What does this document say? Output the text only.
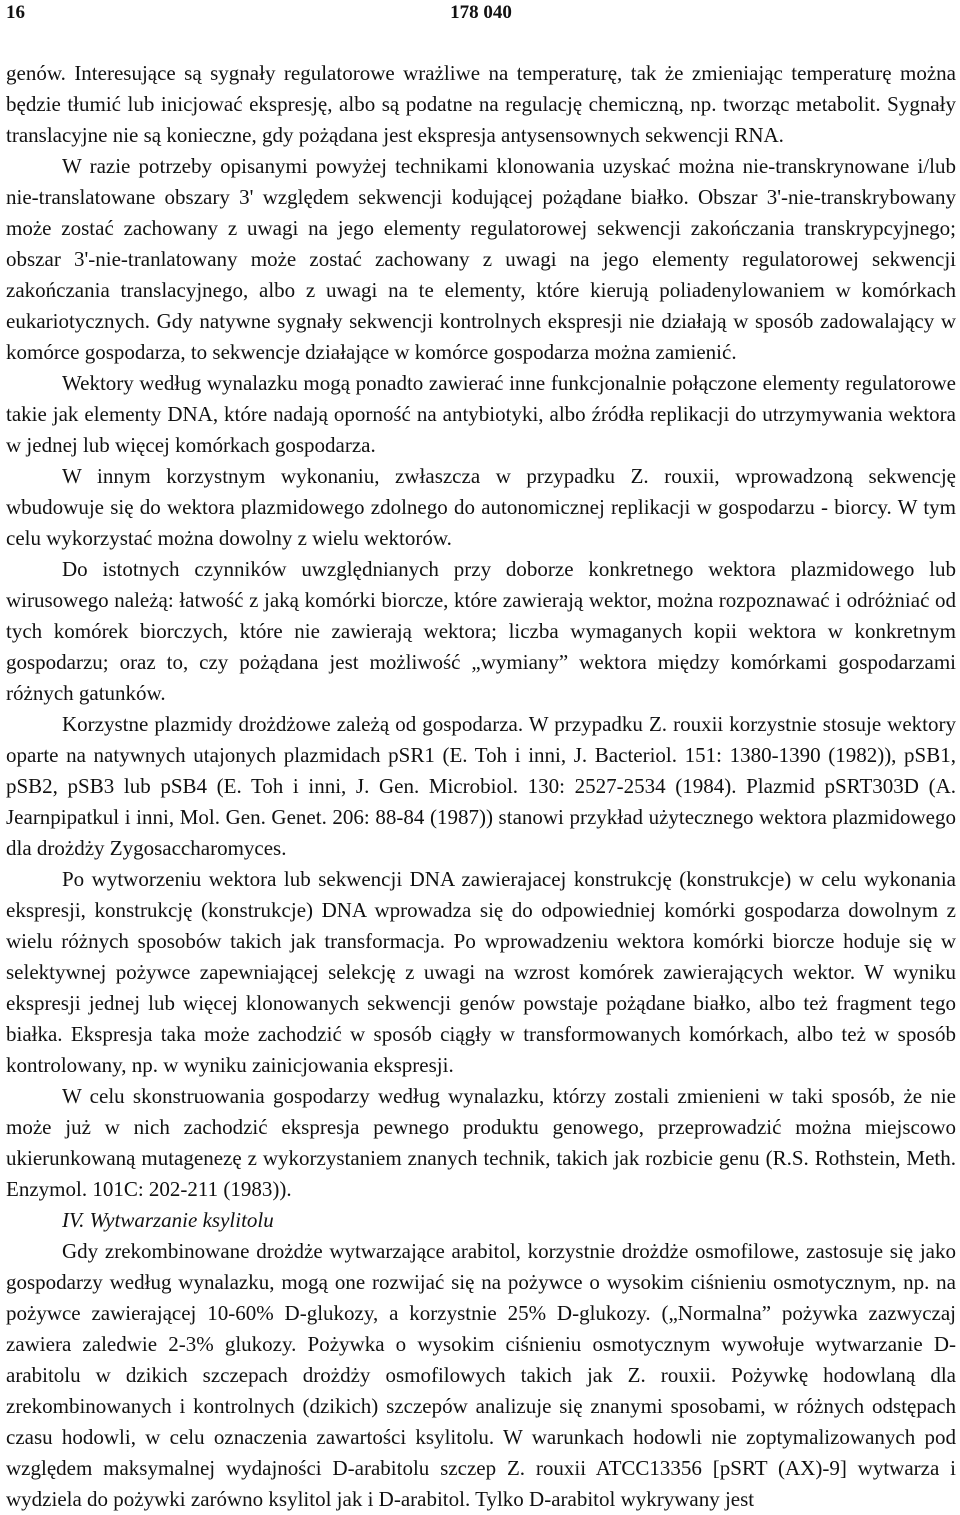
16	178 040

genów. Interesujące są sygnały regulatorowe wrażliwe na temperaturę, tak że zmieniając temperaturę można będzie tłumić lub inicjować ekspresję, albo są podatne na regulację chemiczną, np. tworząc metabolit. Sygnały translacyjne nie są konieczne, gdy pożądana jest ekspresja antysensownych sekwencji RNA.

W razie potrzeby opisanymi powyżej technikami klonowania uzyskać można nie-transkrynowane i/lub nie-translatowane obszary 3' względem sekwencji kodującej pożądane białko. Obszar 3'-nie-transkrybowany może zostać zachowany z uwagi na jego elementy regulatorowej sekwencji zakończania transkrypcyjnego; obszar 3'-nie-tranlatowany może zostać zachowany z uwagi na jego elementy regulatorowej sekwencji zakończania translacyjnego, albo z uwagi na te elementy, które kierują poliadenylowaniem w komórkach eukariotycznych. Gdy natywne sygnały sekwencji kontrolnych ekspresji nie działają w sposób zadowalający w komórce gospodarza, to sekwencje działające w komórce gospodarza można zamienić.

Wektory według wynalazku mogą ponadto zawierać inne funkcjonalnie połączone elementy regulatorowe takie jak elementy DNA, które nadają oporność na antybiotyki, albo źródła replikacji do utrzymywania wektora w jednej lub więcej komórkach gospodarza.

W innym korzystnym wykonaniu, zwłaszcza w przypadku Z. rouxii, wprowadzoną sekwencję wbudowuje się do wektora plazmidowego zdolnego do autonomicznej replikacji w gospodarzu - biorcy. W tym celu wykorzystać można dowolny z wielu wektorów.

Do istotnych czynników uwzględnianych przy doborze konkretnego wektora plazmidowego lub wirusowego należą: łatwość z jaką komórki biorcze, które zawierają wektor, można rozpoznawać i odróżniać od tych komórek biorczych, które nie zawierają wektora; liczba wymaganych kopii wektora w konkretnym gospodarzu; oraz to, czy pożądana jest możliwość „wymiany” wektora między komórkami gospodarzami różnych gatunków.

Korzystne plazmidy drożdżowe zależą od gospodarza. W przypadku Z. rouxii korzystnie stosuje wektory oparte na natywnych utajonych plazmidach pSR1 (E. Toh i inni, J. Bacteriol. 151: 1380-1390 (1982)), pSB1, pSB2, pSB3 lub pSB4 (E. Toh i inni, J. Gen. Microbiol. 130: 2527-2534 (1984). Plazmid pSRT303D (A. Jearnpipatkul i inni, Mol. Gen. Genet. 206: 88-84 (1987)) stanowi przykład użytecznego wektora plazmidowego dla drożdży Zygosaccharomyces.

Po wytworzeniu wektora lub sekwencji DNA zawierajacej konstrukcję (konstrukcje) w celu wykonania ekspresji, konstrukcję (konstrukcje) DNA wprowadza się do odpowiedniej komórki gospodarza dowolnym z wielu różnych sposobów takich jak transformacja. Po wprowadzeniu wektora komórki biorcze hoduje się w selektywnej pożywce zapewniającej selekcję z uwagi na wzrost komórek zawierających wektor. W wyniku ekspresji jednej lub więcej klonowanych sekwencji genów powstaje pożądane białko, albo też fragment tego białka. Ekspresja taka może zachodzić w sposób ciągły w transformowanych komórkach, albo też w sposób kontrolowany, np. w wyniku zainicjowania ekspresji.

W celu skonstruowania gospodarzy według wynalazku, którzy zostali zmienieni w taki sposób, że nie może już w nich zachodzić ekspresja pewnego produktu genowego, przeprowadzić można miejscowo ukierunkowaną mutagenezę z wykorzystaniem znanych technik, takich jak rozbicie genu (R.S. Rothstein, Meth. Enzymol. 101C: 202-211 (1983)).

IV. Wytwarzanie ksylitolu

Gdy zrekombinowane drożdże wytwarzające arabitol, korzystnie drożdże osmofilowe, zastosuje się jako gospodarzy według wynalazku, mogą one rozwijać się na pożywce o wysokim ciśnieniu osmotycznym, np. na pożywce zawierającej 10-60% D-glukozy, a korzystnie 25% D-glukozy. („Normalna” pożywka zazwyczaj zawiera zaledwie 2-3% glukozy. Pożywka o wysokim ciśnieniu osmotycznym wywołuje wytwarzanie D-arabitolu w dzikich szczepach drożdży osmofilowych takich jak Z. rouxii. Pożywkę hodowlaną dla zrekombinowanych i kontrolnych (dzikich) szczepów analizuje się znanymi sposobami, w różnych odstępach czasu hodowli, w celu oznaczenia zawartości ksylitolu. W warunkach hodowli nie zoptymalizowanych pod względem maksymalnej wydajności D-arabitolu szczep Z. rouxii ATCC13356 [pSRT (AX)-9] wytwarza i wydziela do pożywki zarówno ksylitol jak i D-arabitol. Tylko D-arabitol wykrywany jest
